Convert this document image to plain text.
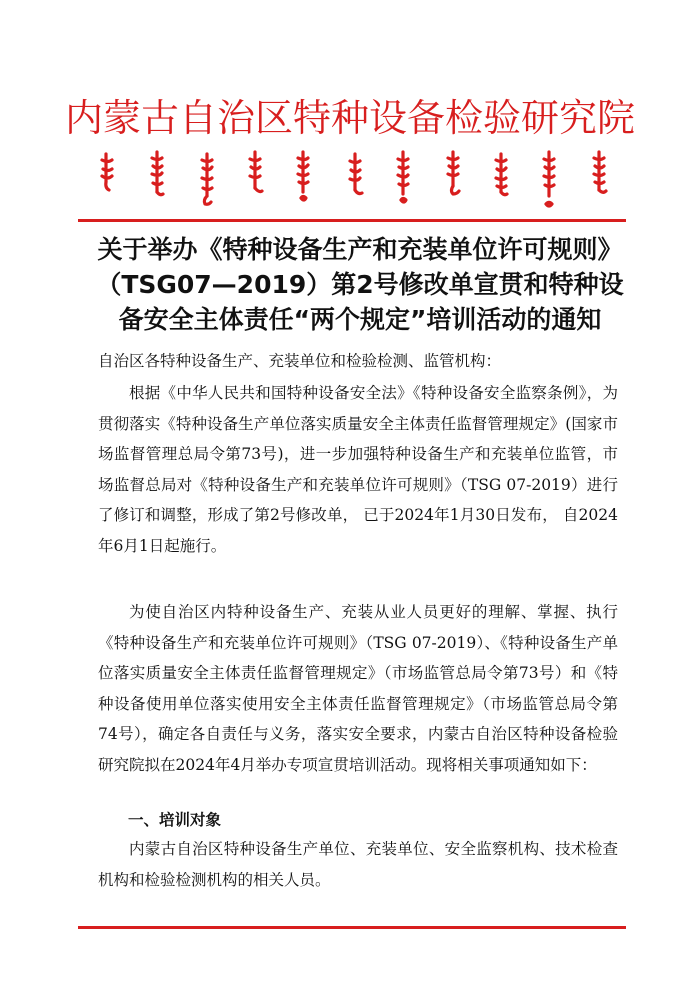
内蒙古自治区特种设备检验研究院
关于举办《特种设备生产和充装单位许可规则》
（TSG07—2019）第2号修改单宣贯和特种设
备安全主体责任“两个规定”培训活动的通知
自治区各特种设备生产、充装单位和检验检测、监管机构：

根据《中华人民共和国特种设备安全法》《特种设备安全监察条例》，为贯彻落实《特种设备生产单位落实质量安全主体责任监督管理规定》(国家市场监督管理总局令第73号)，进一步加强特种设备生产和充装单位监管，市场监督总局对《特种设备生产和充装单位许可规则》（TSG 07-2019）进行了修订和调整，形成了第2号修改单， 已于2024年1月30日发布， 自2024年6月1日起施行。

为使自治区内特种设备生产、充装从业人员更好的理解、掌握、执行《特种设备生产和充装单位许可规则》（TSG 07-2019）、《特种设备生产单位落实质量安全主体责任监督管理规定》（市场监管总局令第73号）和《特种设备使用单位落实使用安全主体责任监督管理规定》（市场监管总局令第74号），确定各自责任与义务，落实安全要求，内蒙古自治区特种设备检验研究院拟在2024年4月举办专项宣贯培训活动。现将相关事项通知如下：

一、培训对象

内蒙古自治区特种设备生产单位、充装单位、安全监察机构、技术检查机构和检验检测机构的相关人员。
